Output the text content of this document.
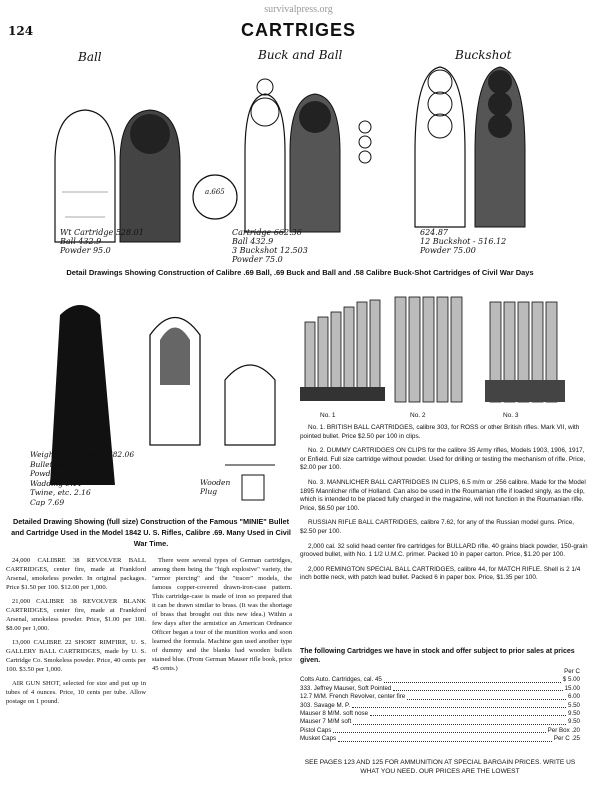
survivalpress.org
124	CARTRIGES
Ball	Buck and Ball	Buckshot
a.665
Wt Cartridge 528.01
Ball 432.9
Powder 95.0
Cartridge 662.36
Ball 432.9
3 Buckshot 12.503
Powder 75.0
624.87
12 Buckshot - 516.12
Powder 75.00
Detail Drawings Showing Construction of Calibre .69 Ball, .69 Buck and Ball and .58 Calibre Buck-Shot Cartridges of Civil War Days
Weight of Cartridge 682.06
Bullet (lead) 586.37
Powder 47.36
Wadding 9.11
Twine, etc. 2.16
Cap 7.69
Wooden Plug
Detailed Drawing Showing (full size) Construction of the Famous "MINIE" Bullet and Cartridge Used in the Model 1842 U. S. Rifles, Calibre .69. Many Used in Civil War Time.
No. 1	No. 2	No. 3

24,000 CALIBRE 38 REVOLVER BALL CARTRIDGES, center fire, made at Frankford Arsenal, smokeless powder. In original packages. Price $1.50 per 100. $12.00 per 1,000.

21,000 CALIBRE 38 REVOLVER BLANK CARTRIDGES, center fire, made at Frankford Arsenal, smokeless powder. Price, $1.00 per 100. $8.00 per 1,000.

13,000 CALIBRE 22 SHORT RIMFIRE, U. S. GALLERY BALL CARTRIDGES, made by U. S. Cartridge Co. Smokeless powder. Price, 40 cents per 100. $3.50 per 1,000.

AIR GUN SHOT, selected for size and put up in tubes of 4 ounces. Price, 10 cents per tube. Allow postage on 1 pound.

There were several types of German cartridges, among them being the "high explosive" variety, the "armor piercing" and the "tracer" models, the famous copper-covered drawn-iron-case pattern. This cartridge-case is made of iron so prepared that it can be drawn similar to brass. (It was the shortage of brass that brought out this new idea.) Within a few days after the armistice an American Ordnance Officer began a tour of the munition works and soon learned the formula. Machine gun used another type of dummy and the blanks had wooden bullets stained blue. (From German Mauser rifle book, price 45 cents.)

No. 1. BRITISH BALL CARTRIDGES, calibre 303, for ROSS or other British rifles. Mark VII, with pointed bullet. Price $2.50 per 100 in clips.

No. 2. DUMMY CARTRIDGES ON CLIPS for the calibre 35 Army rifles, Models 1903, 1906, 1917, or Enfield. Full size cartridge without powder. Used for drilling or testing the mechanism of rifle. Price, $2.00 per 100.

No. 3. MANNLICHER BALL CARTRIDGES IN CLIPS, 6.5 m/m or .256 calibre. Made for the Model 1895 Mannlicher rifle of Holland. Can also be used in the Roumanian rifle if loaded singly, as the clip, which is intended to be placed fully charged in the magazine, will not function in the Roumanian rifle. Price, $6.50 per 100.

RUSSIAN RIFLE BALL CARTRIDGES, calibre 7.62, for any of the Russian model guns. Price, $2.50 per 100.

2,000 cal. 32 solid head center fire cartridges for BULLARD rifle. 40 grains black powder, 150-grain grooved bullet, with No. 1 1/2 U.M.C. primer. Packed 10 in paper carton. Price, $1.20 per 100.

2,000 REMINGTON SPECIAL BALL CARTRIDGES, calibre 44, for MATCH RIFLE. Shell is 2 1/4 inch bottle neck, with patch lead bullet. Packed 6 in paper box. Price, $1.35 per 100.

The following Cartridges we have in stock and offer subject to prior sales at prices given.
Per C
Colts Auto. Cartridges, cal. 45	$ 5.00
333. Jeffrey Mauser, Soft Pointed	15.00
12.7 M/M. French Revolver, center fire	6.00
303. Savage M. P.	5.50
Mauser 8 M/M. soft nose	9.50
Mauser 7 M/M soft	9.50
Pistol Caps	Per Box .20
Musket Caps	Per C .25
SEE PAGES 123 AND 125 FOR AMMUNITION AT SPECIAL BARGAIN PRICES. WRITE US WHAT YOU NEED. OUR PRICES ARE THE LOWEST
